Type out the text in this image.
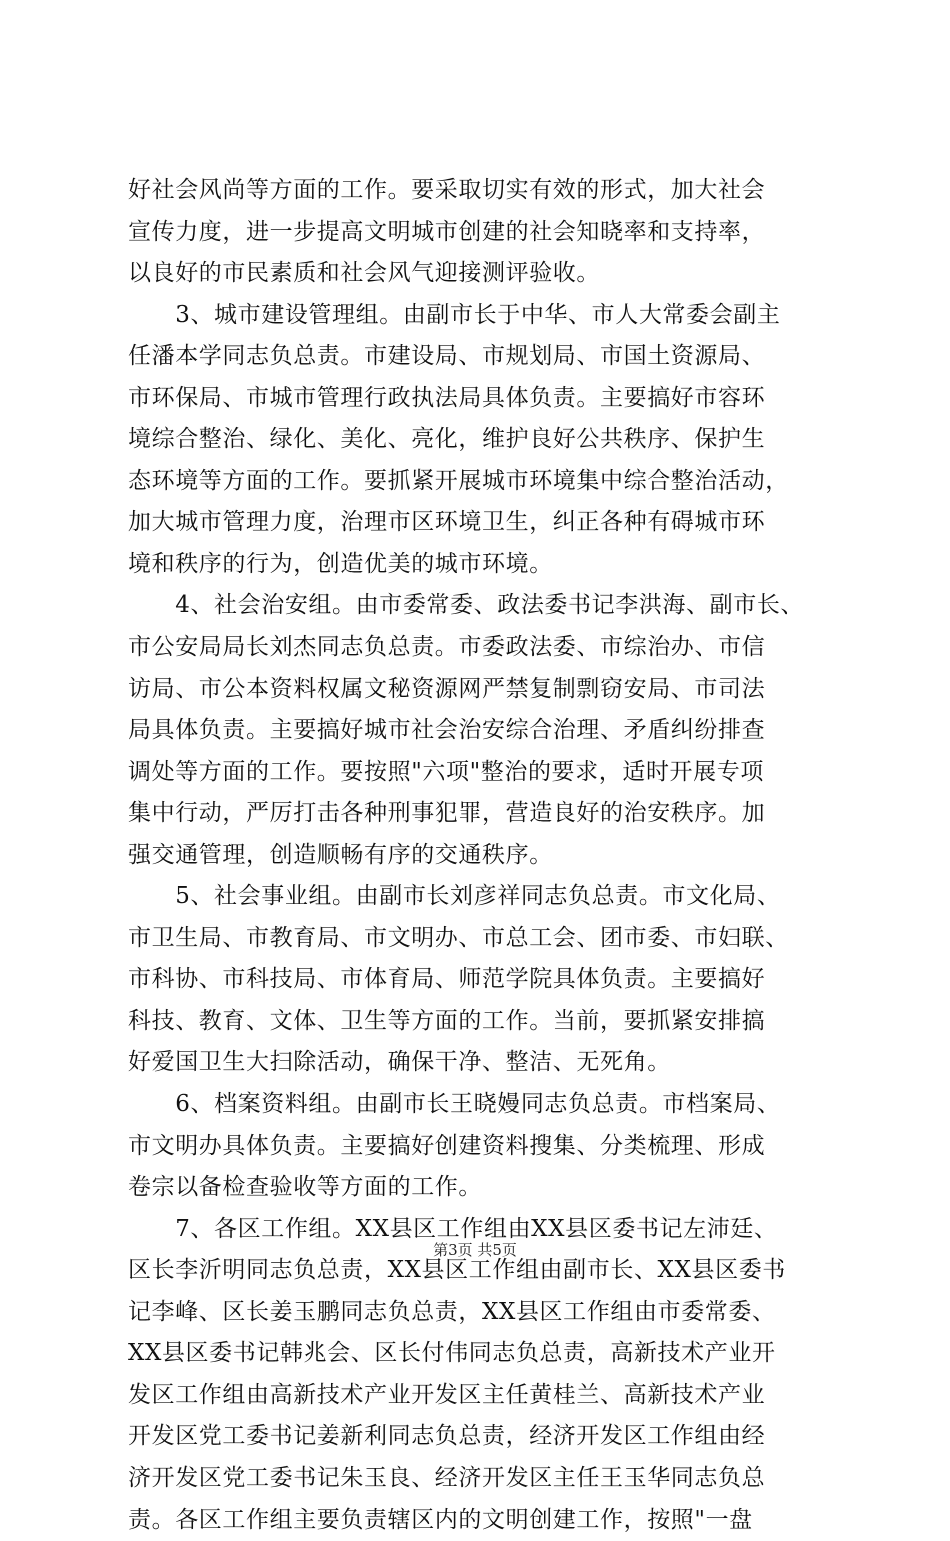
好社会风尚等方面的工作。要采取切实有效的形式，加大社会
宣传力度，进一步提高文明城市创建的社会知晓率和支持率，
以良好的市民素质和社会风气迎接测评验收。
　　3、城市建设管理组。由副市长于中华、市人大常委会副主
任潘本学同志负总责。市建设局、市规划局、市国土资源局、
市环保局、市城市管理行政执法局具体负责。主要搞好市容环
境综合整治、绿化、美化、亮化，维护良好公共秩序、保护生
态环境等方面的工作。要抓紧开展城市环境集中综合整治活动，
加大城市管理力度，治理市区环境卫生，纠正各种有碍城市环
境和秩序的行为，创造优美的城市环境。
　　4、社会治安组。由市委常委、政法委书记李洪海、副市长、
市公安局局长刘杰同志负总责。市委政法委、市综治办、市信
访局、市公本资料权属文秘资源网严禁复制剽窃安局、市司法
局具体负责。主要搞好城市社会治安综合治理、矛盾纠纷排查
调处等方面的工作。要按照"六项"整治的要求，适时开展专项
集中行动，严厉打击各种刑事犯罪，营造良好的治安秩序。加
强交通管理，创造顺畅有序的交通秩序。
　　5、社会事业组。由副市长刘彦祥同志负总责。市文化局、
市卫生局、市教育局、市文明办、市总工会、团市委、市妇联、
市科协、市科技局、市体育局、师范学院具体负责。主要搞好
科技、教育、文体、卫生等方面的工作。当前，要抓紧安排搞
好爱国卫生大扫除活动，确保干净、整洁、无死角。
　　6、档案资料组。由副市长王晓嫚同志负总责。市档案局、
市文明办具体负责。主要搞好创建资料搜集、分类梳理、形成
卷宗以备检查验收等方面的工作。
　　7、各区工作组。XX县区工作组由XX县区委书记左沛廷、
区长李沂明同志负总责，XX县区工作组由副市长、XX县区委书
记李峰、区长姜玉鹏同志负总责，XX县区工作组由市委常委、
XX县区委书记韩兆会、区长付伟同志负总责，高新技术产业开
发区工作组由高新技术产业开发区主任黄桂兰、高新技术产业
开发区党工委书记姜新利同志负总责，经济开发区工作组由经
济开发区党工委书记朱玉良、经济开发区主任王玉华同志负总
责。各区工作组主要负责辖区内的文明创建工作，按照"一盘
第3页 共5页
